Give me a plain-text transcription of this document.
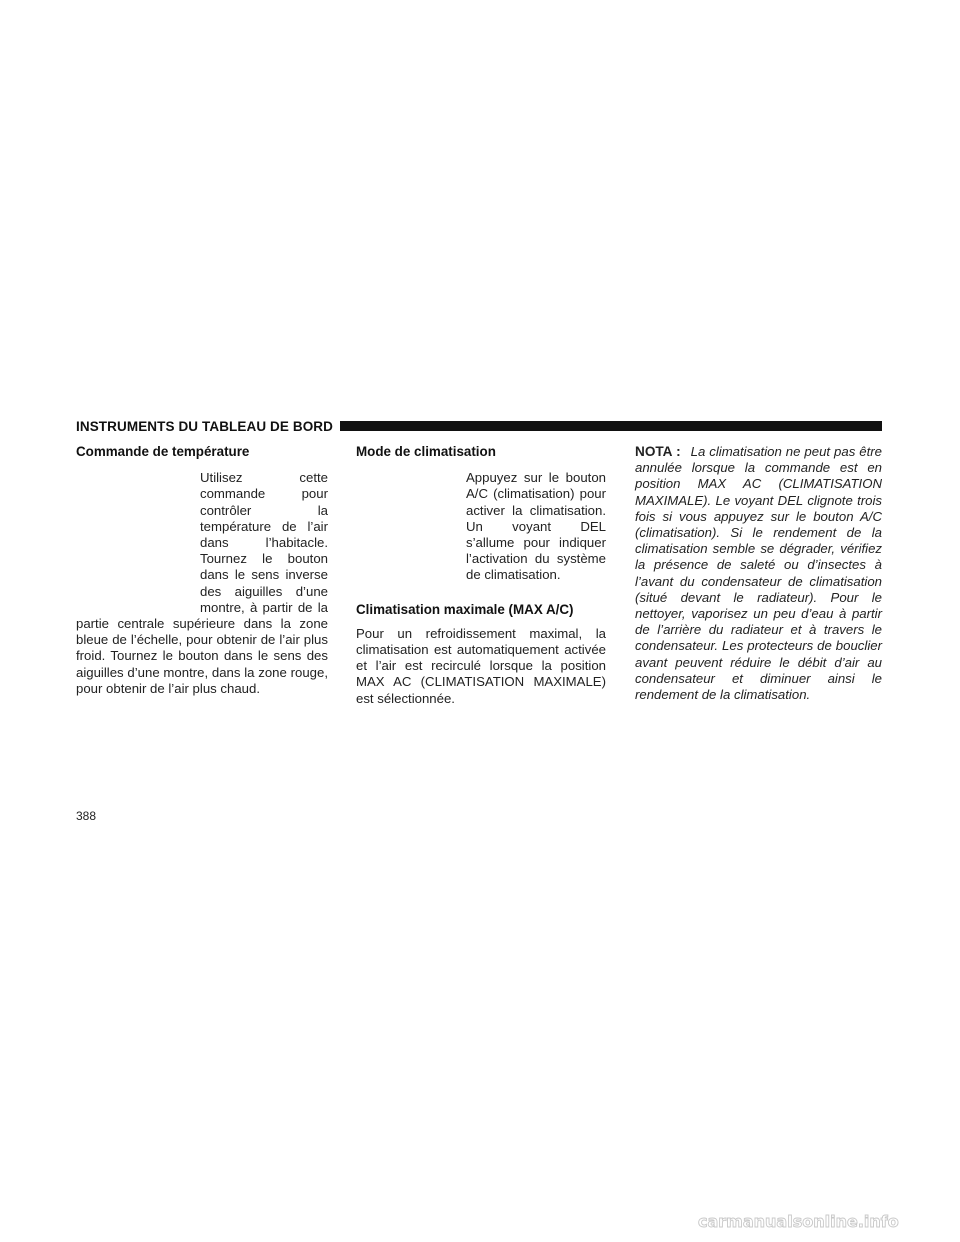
INSTRUMENTS DU TABLEAU DE BORD
Commande de température

Utilisez cette commande pour contrôler la température de l’air dans l’habitacle. Tournez le bouton dans le sens inverse des aiguilles d’une montre, à partir de la partie centrale supérieure dans la zone bleue de l’échelle, pour obtenir de l’air plus froid. Tournez le bouton dans le sens des aiguilles d’une montre, dans la zone rouge, pour obtenir de l’air plus chaud.

Mode de climatisation

Appuyez sur le bouton A/C (climatisation) pour activer la climatisation. Un voyant DEL s’allume pour indiquer l’activation du système de climatisation.

Climatisation maximale (MAX A/C)

Pour un refroidissement maximal, la climatisation est automatiquement activée et l’air est recirculé lorsque la position MAX AC (CLIMATISATION MAXIMALE) est sélectionnée.

NOTA : La climatisation ne peut pas être annulée lorsque la commande est en position MAX AC (CLIMATISATION MAXIMALE). Le voyant DEL clignote trois fois si vous appuyez sur le bouton A/C (climatisation). Si le rendement de la climatisation semble se dégrader, vérifiez la présence de saleté ou d’insectes à l’avant du condensateur de climatisation (situé devant le radiateur). Pour le nettoyer, vaporisez un peu d’eau à partir de l’arrière du radiateur et à travers le condensateur. Les protecteurs de bouclier avant peuvent réduire le débit d’air au condensateur et diminuer ainsi le rendement de la climatisation.

388
carmanualsonline.info
